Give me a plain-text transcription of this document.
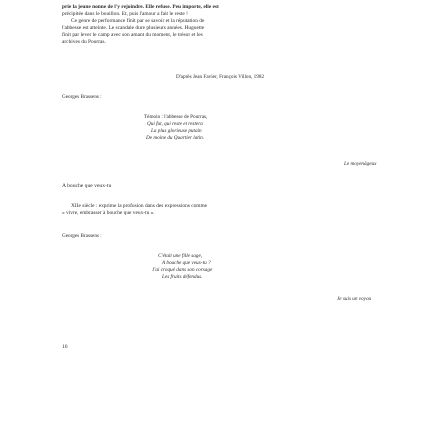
prie la jeune nonne de l'y rejoindre. Elle refuse. Peu importe, elle est
précipitée dans le bouillon. Et, puis l'amour a fait le reste !
Ce genre de performance finit par se savoir et la réputation de
l'abbesse est atteinte. Le scandale dure plusieurs années. Huguette
finit par lever le camp avec son amant du moment, le trésor et les
archives du Pourras.
D'après Jean Favier, François Villon, 1982
Georges Brassens :
Témoin : l'abbesse de Pourras,
Qui fut, qui reste et restera
La plus glorieuse putain
De moine du Quartier latin.
Le moyenâgeux
A bouche que veux-tu
XIIe siècle : exprime la profusion dans des expressions comme
« vivre, embrasser à bouche que veux-tu ».
Georges Brassens :
C'était une fille sage,
A bouche que veux-tu ?
J'ai croqué dans son corsage
Les fruits défendus.
Je suis un voyou
16
